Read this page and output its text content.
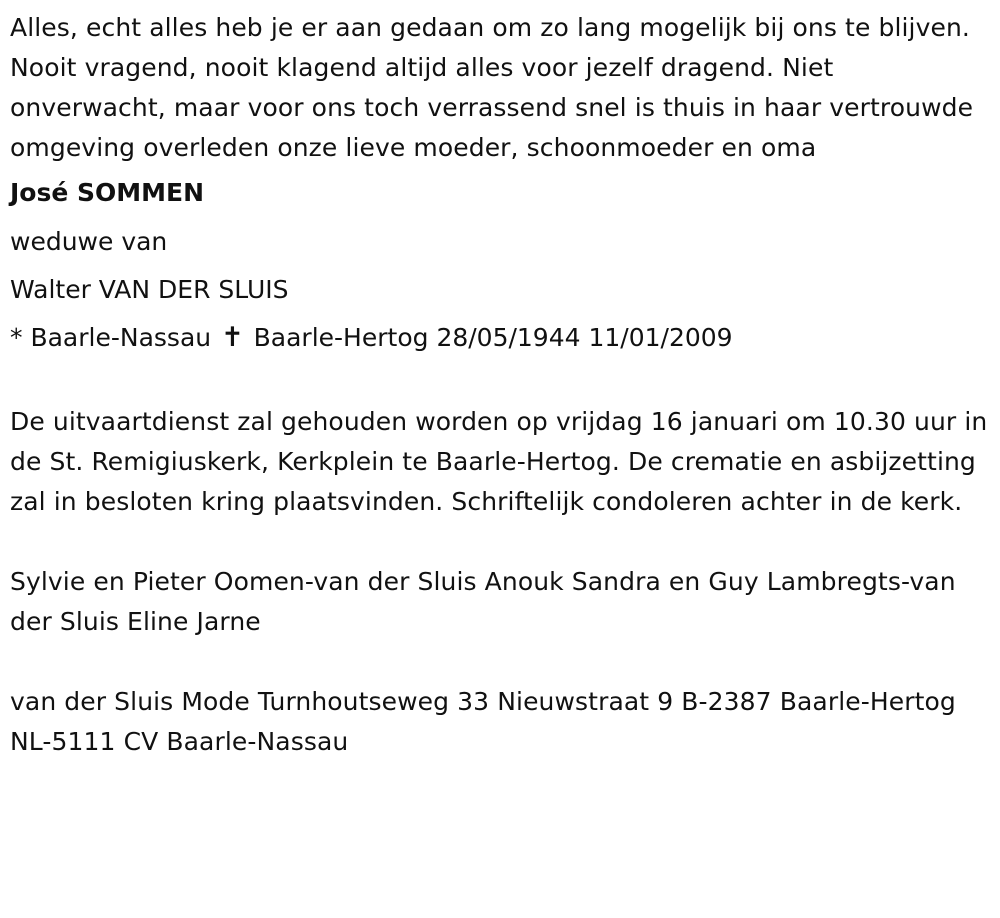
Alles, echt alles heb je er aan gedaan om zo lang mogelijk bij ons te blijven. Nooit vragend, nooit klagend altijd alles voor jezelf dragend. Niet onverwacht, maar voor ons toch verrassend snel is thuis in haar vertrouwde omgeving overleden onze lieve moeder, schoonmoeder en oma

José SOMMEN

weduwe van

Walter VAN DER SLUIS

* Baarle-Nassau ✝ Baarle-Hertog 28/05/1944 11/01/2009

De uitvaartdienst zal gehouden worden op vrijdag 16 januari om 10.30 uur in de St. Remigiuskerk, Kerkplein te Baarle-Hertog. De crematie en asbijzetting zal in besloten kring plaatsvinden. Schriftelijk condoleren achter in de kerk.

Sylvie en Pieter Oomen-van der Sluis Anouk Sandra en Guy Lambregts-van der Sluis Eline Jarne

van der Sluis Mode Turnhoutseweg 33 Nieuwstraat 9 B-2387 Baarle-Hertog NL-5111 CV Baarle-Nassau
